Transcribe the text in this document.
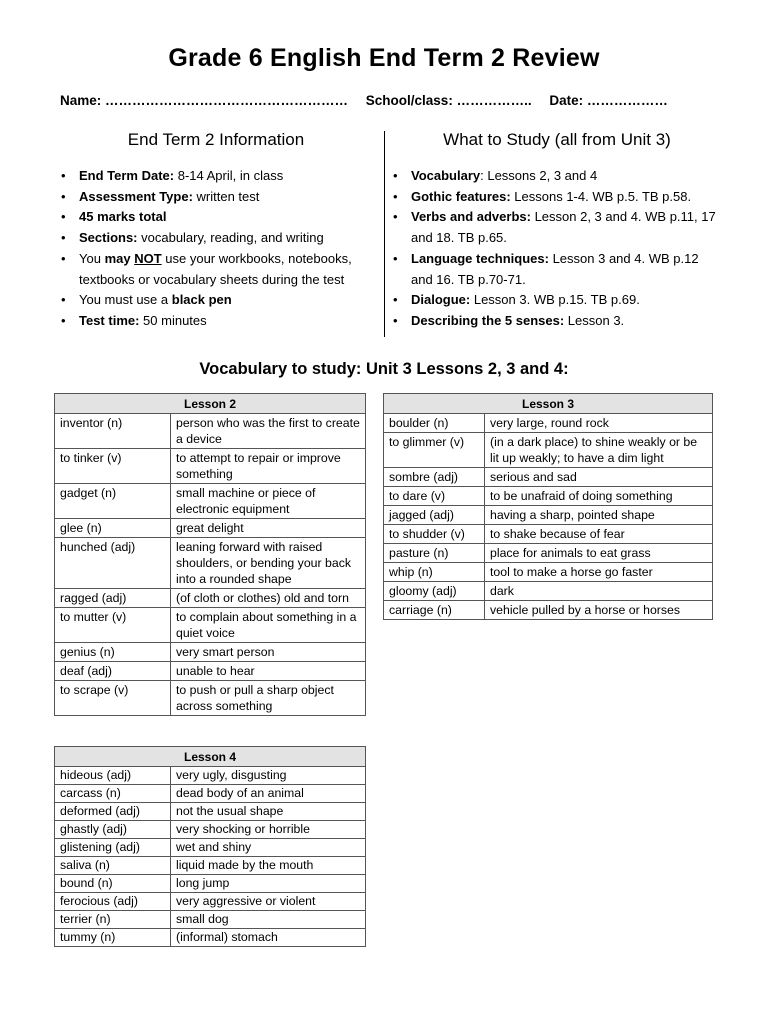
Grade 6 English End Term 2 Review
Name: ……………………………………………… School/class: …………….. Date: ………………
End Term 2 Information
• End Term Date: 8-14 April, in class
• Assessment Type: written test
• 45 marks total
• Sections: vocabulary, reading, and writing
• You may NOT use your workbooks, notebooks, textbooks or vocabulary sheets during the test
• You must use a black pen
• Test time: 50 minutes
What to Study (all from Unit 3)
• Vocabulary: Lessons 2, 3 and 4
• Gothic features: Lessons 1-4. WB p.5. TB p.58.
• Verbs and adverbs: Lesson 2, 3 and 4. WB p.11, 17 and 18. TB p.65.
• Language techniques: Lesson 3 and 4. WB p.12 and 16. TB p.70-71.
• Dialogue: Lesson 3. WB p.15. TB p.69.
• Describing the 5 senses: Lesson 3.
Vocabulary to study: Unit 3 Lessons 2, 3 and 4:
Lesson 2	
inventor (n)	person who was the first to create a device
to tinker (v)	to attempt to repair or improve something
gadget (n)	small machine or piece of electronic equipment
glee (n)	great delight
hunched (adj)	leaning forward with raised shoulders, or bending your back into a rounded shape
ragged (adj)	(of cloth or clothes) old and torn
to mutter (v)	to complain about something in a quiet voice
genius (n)	very smart person
deaf (adj)	unable to hear
to scrape (v)	to push or pull a sharp object across something
Lesson 3	
boulder (n)	very large, round rock
to glimmer (v)	(in a dark place) to shine weakly or be lit up weakly; to have a dim light
sombre (adj)	serious and sad
to dare (v)	to be unafraid of doing something
jagged (adj)	having a sharp, pointed shape
to shudder (v)	to shake because of fear
pasture (n)	place for animals to eat grass
whip (n)	tool to make a horse go faster
gloomy (adj)	dark
carriage (n)	vehicle pulled by a horse or horses
Lesson 4	
hideous (adj)	very ugly, disgusting
carcass (n)	dead body of an animal
deformed (adj)	not the usual shape
ghastly (adj)	very shocking or horrible
glistening (adj)	wet and shiny
saliva (n)	liquid made by the mouth
bound (n)	long jump
ferocious (adj)	very aggressive or violent
terrier (n)	small dog
tummy (n)	(informal) stomach
